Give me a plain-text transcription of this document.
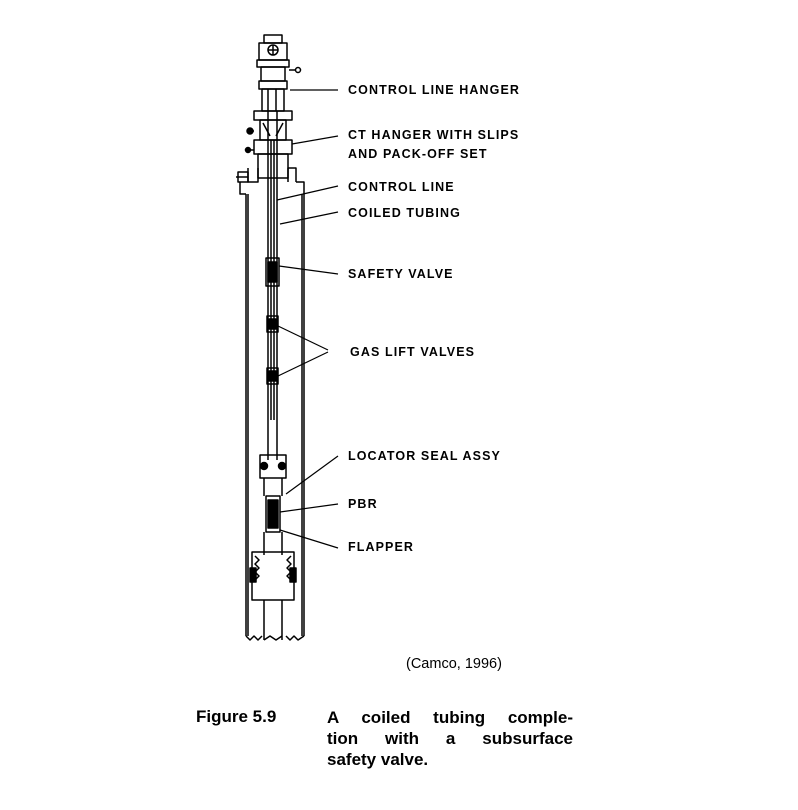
CONTROL LINE HANGER
CT HANGER WITH SLIPS
AND PACK-OFF SET
CONTROL LINE
COILED TUBING
SAFETY VALVE
GAS LIFT VALVES
LOCATOR SEAL ASSY
PBR
FLAPPER
(Camco, 1996)
Figure 5.9	A coiled tubing comple-
tion with a subsurface
safety valve.
